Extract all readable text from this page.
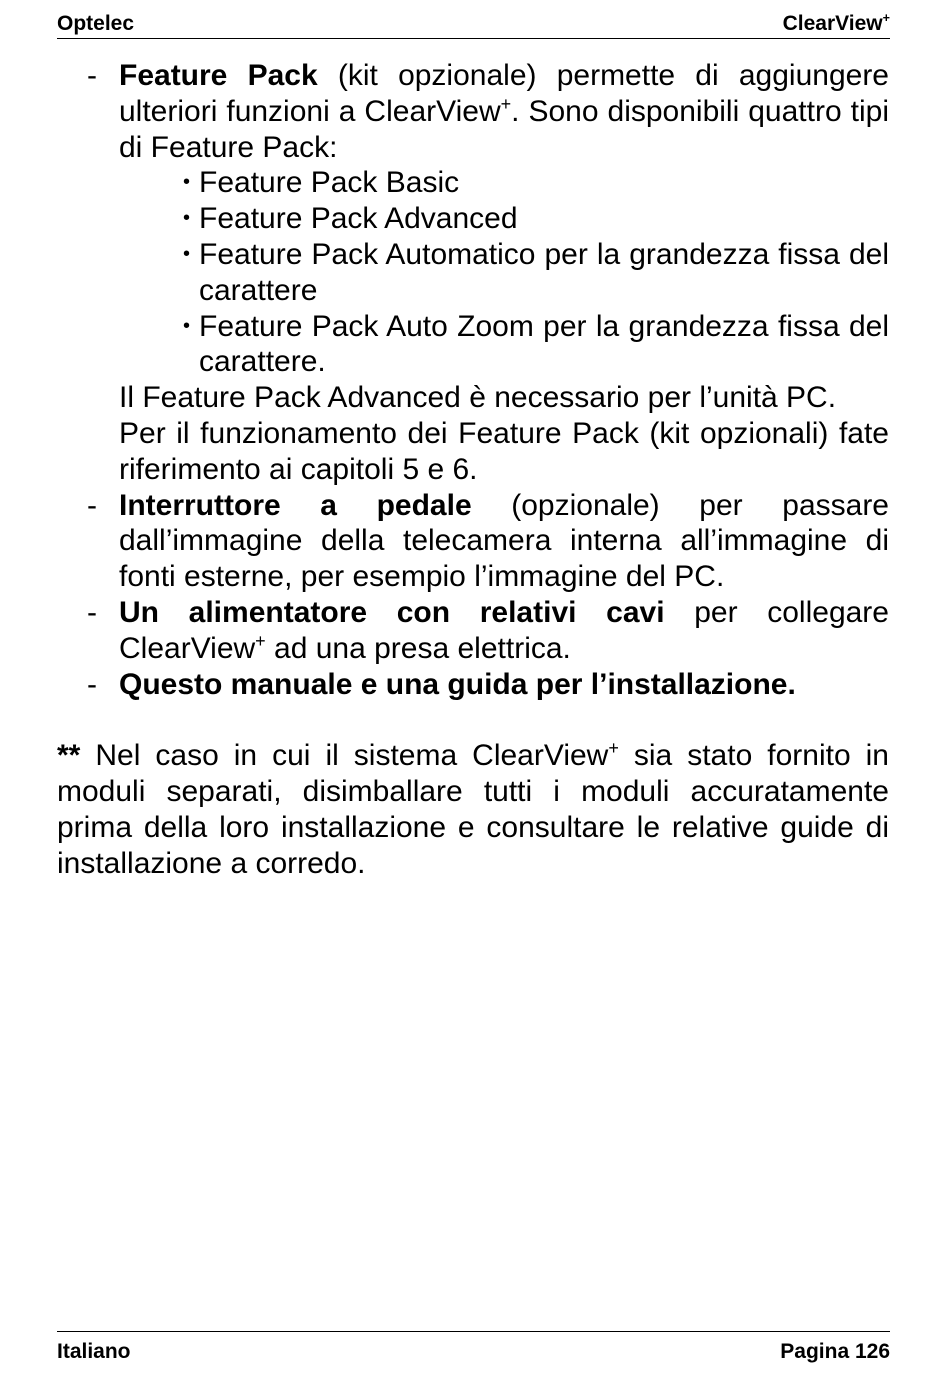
Optelec	ClearView+
- Feature Pack (kit opzionale) permette di aggiungere ulteriori funzioni a ClearView+. Sono disponibili quattro tipi di Feature Pack:
• Feature Pack Basic
• Feature Pack Advanced
• Feature Pack Automatico per la grandezza fissa del carattere
• Feature Pack Auto Zoom per la grandezza fissa del carattere.
Il Feature Pack Advanced è necessario per l’unità PC.
Per il funzionamento dei Feature Pack (kit opzionali) fate riferimento ai capitoli 5 e 6.
- Interruttore a pedale (opzionale) per passare dall’immagine della telecamera interna all’immagine di fonti esterne, per esempio l’immagine del PC.
- Un alimentatore con relativi cavi per collegare ClearView+ ad una presa elettrica.
- Questo manuale e una guida per l’installazione.
** Nel caso in cui il sistema ClearView+ sia stato fornito in moduli separati, disimballare tutti i moduli accuratamente prima della loro installazione e consultare le relative guide di installazione a corredo.
Italiano	Pagina 126
